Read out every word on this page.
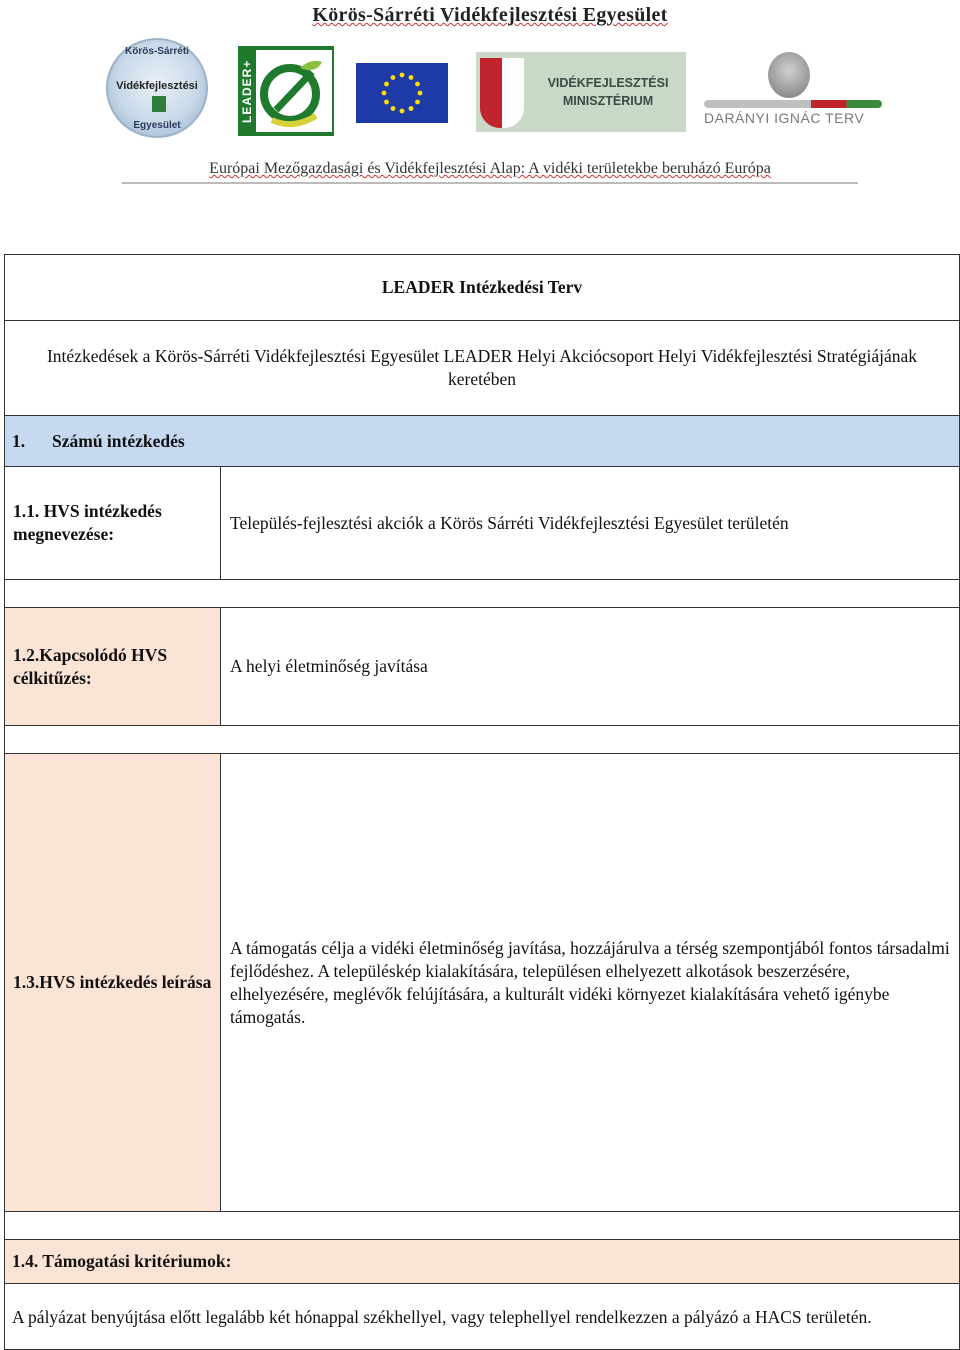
Körös-Sárréti Vidékfejlesztési Egyesület
Körös-Sárréti
Vidékfejlesztési
Egyesület
LEADER+	VIDÉKFEJLESZTÉSI
MINISZTÉRIUM
DARÁNYI IGNÁC TERV
Európai Mezőgazdasági és Vidékfejlesztési Alap: A vidéki területekbe beruházó Európa
LEADER Intézkedési Terv
Intézkedések a Körös-Sárréti Vidékfejlesztési Egyesület LEADER Helyi Akciócsoport Helyi Vidékfejlesztési Stratégiájának keretében
1. Számú intézkedés
1.1. HVS intézkedés megnevezése:
Település-fejlesztési akciók a Körös Sárréti Vidékfejlesztési Egyesület területén
1.2.Kapcsolódó HVS célkitűzés:
A helyi életminőség javítása
1.3.HVS intézkedés leírása
A támogatás célja a vidéki életminőség javítása, hozzájárulva a térség szempontjából fontos társadalmi fejlődéshez. A településkép kialakítására, településen elhelyezett alkotások beszerzésére, elhelyezésére, meglévők felújítására, a kulturált vidéki környezet kialakítására vehető igénybe támogatás.
1.4. Támogatási kritériumok:
A pályázat benyújtása előtt legalább két hónappal székhellyel, vagy telephellyel rendelkezzen a pályázó a HACS területén.
